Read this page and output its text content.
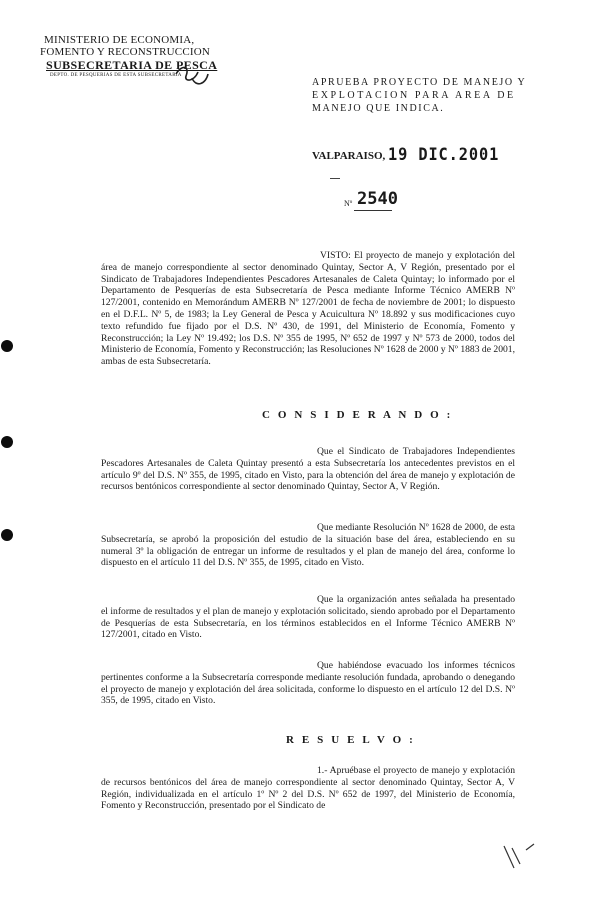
MINISTERIO DE ECONOMIA,
FOMENTO Y RECONSTRUCCION
SUBSECRETARIA DE PESCA
DEPTO. DE PESQUERIAS DE ESTA SUBSECRETARIA
APRUEBA PROYECTO DE MANEJO Y
EXPLOTACION PARA AREA DE
MANEJO QUE INDICA.
VALPARAISO, 19 DIC.2001
Nº 2540
VISTO: El proyecto de manejo y explotación del área de manejo correspondiente al sector denominado Quintay, Sector A, V Región, presentado por el Sindicato de Trabajadores Independientes Pescadores Artesanales de Caleta Quintay; lo informado por el Departamento de Pesquerías de esta Subsecretaría de Pesca mediante Informe Técnico AMERB Nº 127/2001, contenido en Memorándum AMERB Nº 127/2001 de fecha de noviembre de 2001; lo dispuesto en el D.F.L. Nº 5, de 1983; la Ley General de Pesca y Acuicultura Nº 18.892 y sus modificaciones cuyo texto refundido fue fijado por el D.S. Nº 430, de 1991, del Ministerio de Economía, Fomento y Reconstrucción; la Ley Nº 19.492; los D.S. Nº 355 de 1995, Nº 652 de 1997 y Nº 573 de 2000, todos del Ministerio de Economía, Fomento y Reconstrucción; las Resoluciones Nº 1628 de 2000 y Nº 1883 de 2001, ambas de esta Subsecretaría.
C O N S I D E R A N D O :
Que el Sindicato de Trabajadores Independientes Pescadores Artesanales de Caleta Quintay presentó a esta Subsecretaría los antecedentes previstos en el artículo 9º del D.S. Nº 355, de 1995, citado en Visto, para la obtención del área de manejo y explotación de recursos bentónicos correspondiente al sector denominado Quintay, Sector A, V Región.
Que mediante Resolución Nº 1628 de 2000, de esta Subsecretaría, se aprobó la proposición del estudio de la situación base del área, estableciendo en su numeral 3º la obligación de entregar un informe de resultados y el plan de manejo del área, conforme lo dispuesto en el artículo 11 del D.S. Nº 355, de 1995, citado en Visto.
Que la organización antes señalada ha presentado el informe de resultados y el plan de manejo y explotación solicitado, siendo aprobado por el Departamento de Pesquerías de esta Subsecretaría, en los términos establecidos en el Informe Técnico AMERB Nº 127/2001, citado en Visto.
Que habiéndose evacuado los informes técnicos pertinentes conforme a la Subsecretaría corresponde mediante resolución fundada, aprobando o denegando el proyecto de manejo y explotación del área solicitada, conforme lo dispuesto en el artículo 12 del D.S. Nº 355, de 1995, citado en Visto.
R E S U E L V O :
1.- Apruébase el proyecto de manejo y explotación de recursos bentónicos del área de manejo correspondiente al sector denominado Quintay, Sector A, V Región, individualizada en el artículo 1º Nº 2 del D.S. Nº 652 de 1997, del Ministerio de Economía, Fomento y Reconstrucción, presentado por el Sindicato de
